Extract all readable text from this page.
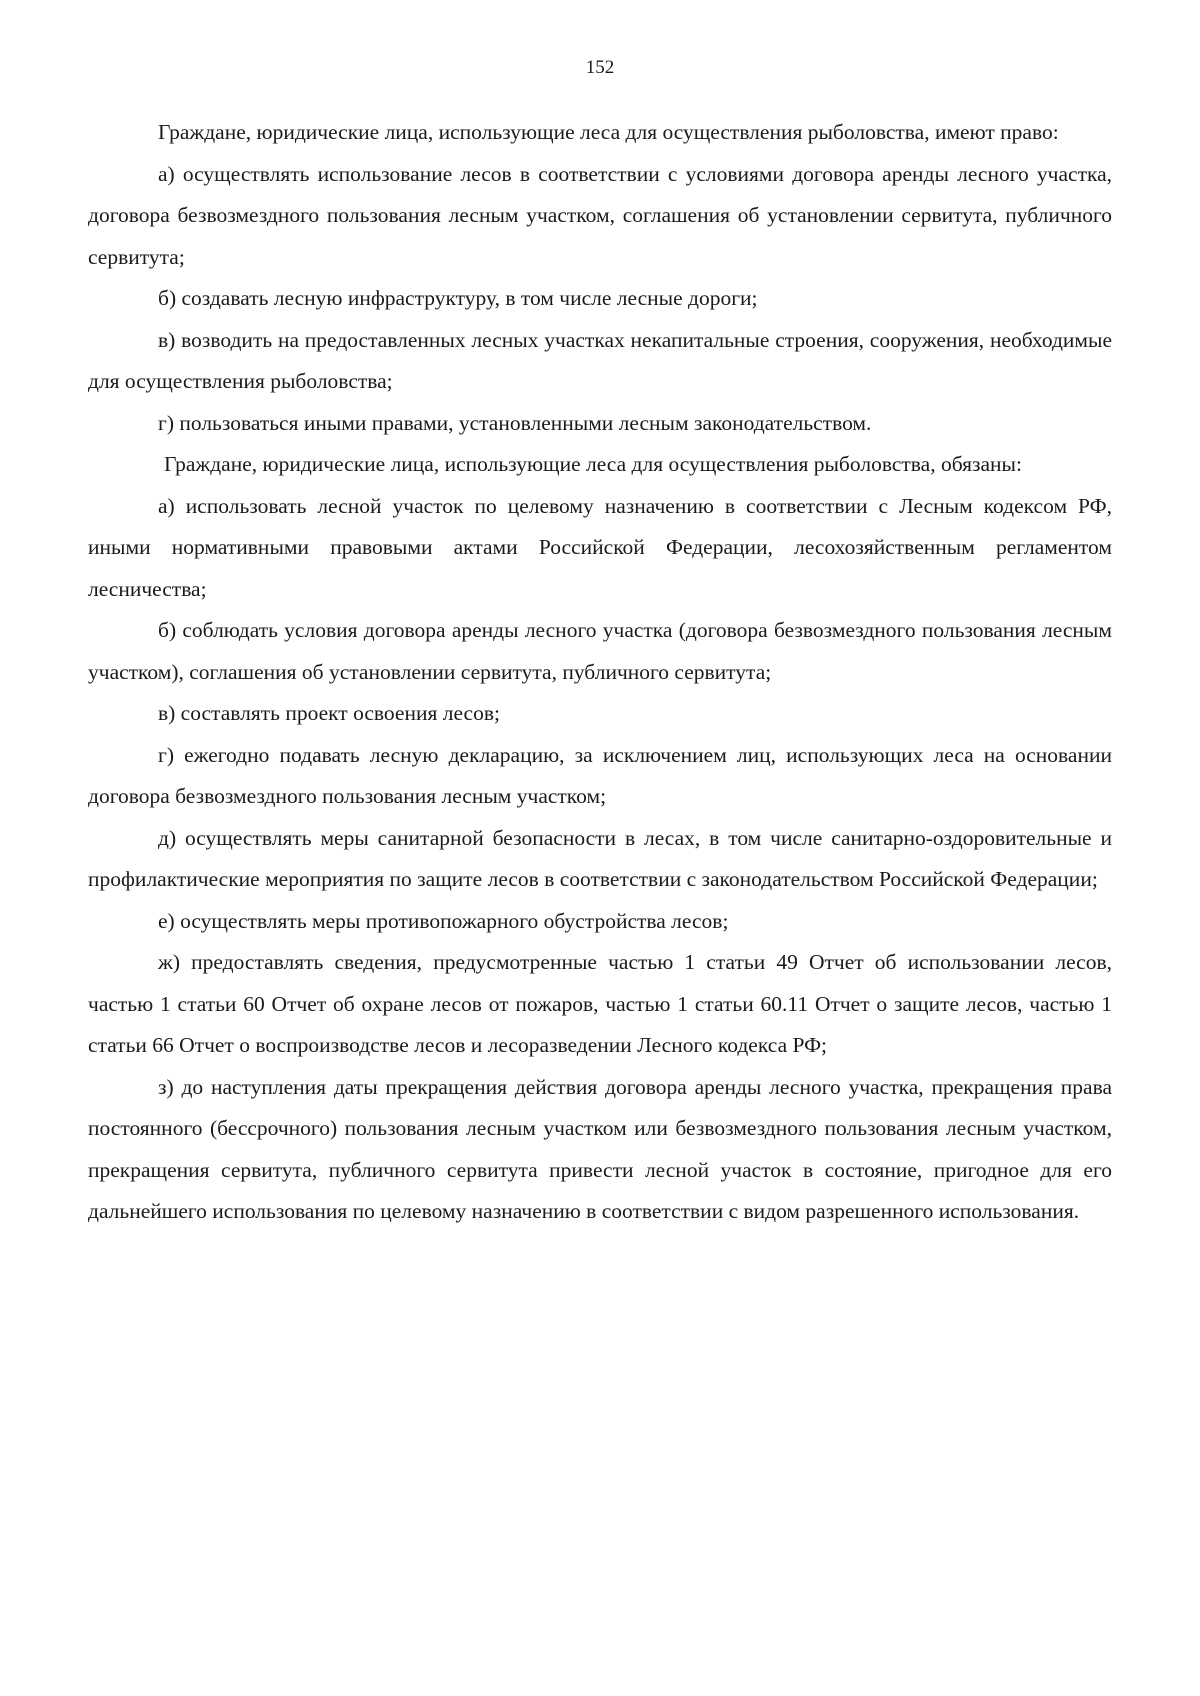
152

Граждане, юридические лица, использующие леса для осуществления рыболовства, имеют право:

а) осуществлять использование лесов в соответствии с условиями договора аренды лесного участка, договора безвозмездного пользования лесным участком, соглашения об установлении сервитута, публичного сервитута;

б) создавать лесную инфраструктуру, в том числе лесные дороги;

в) возводить на предоставленных лесных участках некапитальные строения, сооружения, необходимые для осуществления рыболовства;

г) пользоваться иными правами, установленными лесным законодательством.

Граждане, юридические лица, использующие леса для осуществления рыболовства, обязаны:

а) использовать лесной участок по целевому назначению в соответствии с Лесным кодексом РФ, иными нормативными правовыми актами Российской Федерации, лесохозяйственным регламентом лесничества;

б) соблюдать условия договора аренды лесного участка (договора безвозмездного пользования лесным участком), соглашения об установлении сервитута, публичного сервитута;

в) составлять проект освоения лесов;

г) ежегодно подавать лесную декларацию, за исключением лиц, использующих леса на основании договора безвозмездного пользования лесным участком;

д) осуществлять меры санитарной безопасности в лесах, в том числе санитарно-оздоровительные и профилактические мероприятия по защите лесов в соответствии с законодательством Российской Федерации;

е) осуществлять меры противопожарного обустройства лесов;

ж) предоставлять сведения, предусмотренные частью 1 статьи 49 Отчет об использовании лесов, частью 1 статьи 60 Отчет об охране лесов от пожаров, частью 1 статьи 60.11 Отчет о защите лесов, частью 1 статьи 66 Отчет о воспроизводстве лесов и лесоразведении Лесного кодекса РФ;

з) до наступления даты прекращения действия договора аренды лесного участка, прекращения права постоянного (бессрочного) пользования лесным участком или безвозмездного пользования лесным участком, прекращения сервитута, публичного сервитута привести лесной участок в состояние, пригодное для его дальнейшего использования по целевому назначению в соответствии с видом разрешенного использования.
